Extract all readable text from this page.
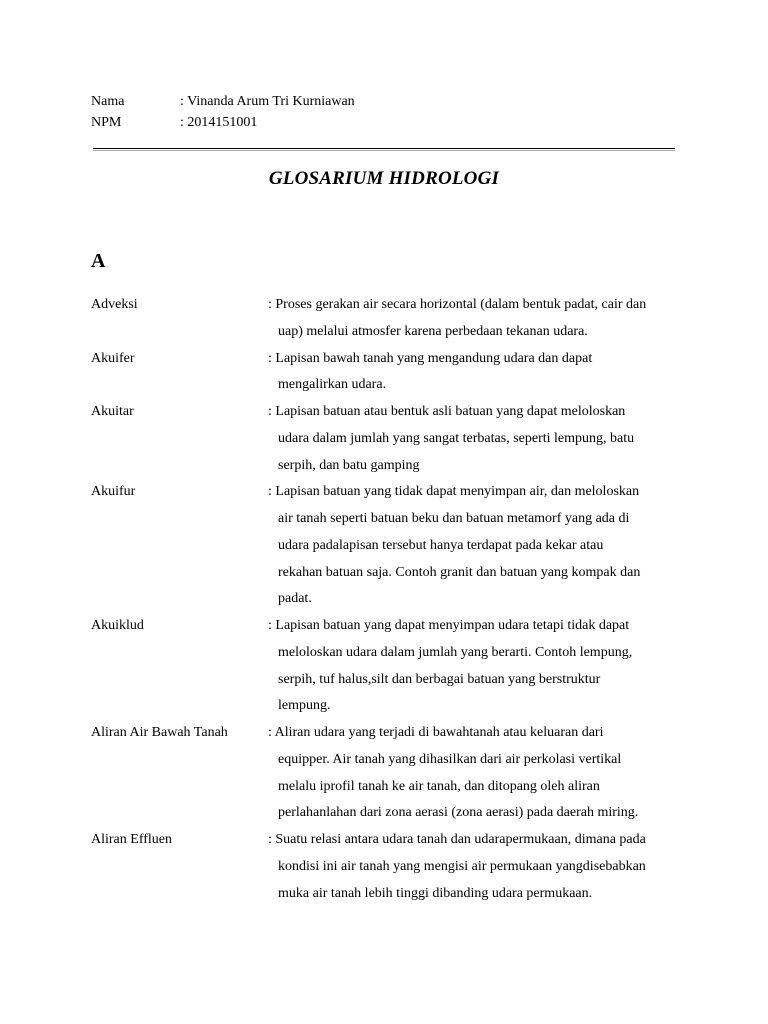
Nama	: Vinanda Arum Tri Kurniawan
NPM	: 2014151001
GLOSARIUM HIDROLOGI
A
Adveksi	: Proses gerakan air secara horizontal (dalam bentuk padat, cair dan
uap) melalui atmosfer karena perbedaan tekanan udara.
Akuifer	: Lapisan bawah tanah yang mengandung udara dan dapat
mengalirkan udara.
Akuitar	: Lapisan batuan atau bentuk asli batuan yang dapat meloloskan
udara dalam jumlah yang sangat terbatas, seperti lempung, batu
serpih, dan batu gamping
Akuifur	: Lapisan batuan yang tidak dapat menyimpan air, dan meloloskan
air tanah seperti batuan beku dan batuan metamorf yang ada di
udara padalapisan tersebut hanya terdapat pada kekar atau
rekahan batuan saja. Contoh granit dan batuan yang kompak dan
padat.
Akuiklud	: Lapisan batuan yang dapat menyimpan udara tetapi tidak dapat
meloloskan udara dalam jumlah yang berarti. Contoh lempung,
serpih, tuf halus,silt dan berbagai batuan yang berstruktur
lempung.
Aliran Air Bawah Tanah	: Aliran udara yang terjadi di bawahtanah atau keluaran dari
equipper. Air tanah yang dihasilkan dari air perkolasi vertikal
melalu iprofil tanah ke air tanah, dan ditopang oleh aliran
perlahanlahan dari zona aerasi (zona aerasi) pada daerah miring.
Aliran Effluen	: Suatu relasi antara udara tanah dan udarapermukaan, dimana pada
kondisi ini air tanah yang mengisi air permukaan yangdisebabkan
muka air tanah lebih tinggi dibanding udara permukaan.
